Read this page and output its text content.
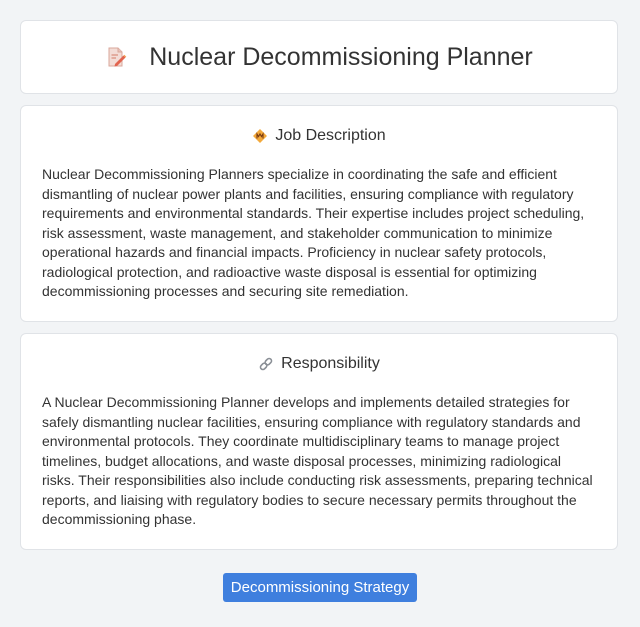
Nuclear Decommissioning Planner
Job Description

Nuclear Decommissioning Planners specialize in coordinating the safe and efficient dismantling of nuclear power plants and facilities, ensuring compliance with regulatory requirements and environmental standards. Their expertise includes project scheduling, risk assessment, waste management, and stakeholder communication to minimize operational hazards and financial impacts. Proficiency in nuclear safety protocols, radiological protection, and radioactive waste disposal is essential for optimizing decommissioning processes and securing site remediation.

Responsibility

A Nuclear Decommissioning Planner develops and implements detailed strategies for safely dismantling nuclear facilities, ensuring compliance with regulatory standards and environmental protocols. They coordinate multidisciplinary teams to manage project timelines, budget allocations, and waste disposal processes, minimizing radiological risks. Their responsibilities also include conducting risk assessments, preparing technical reports, and liaising with regulatory bodies to secure necessary permits throughout the decommissioning phase.

Decommissioning Strategy
